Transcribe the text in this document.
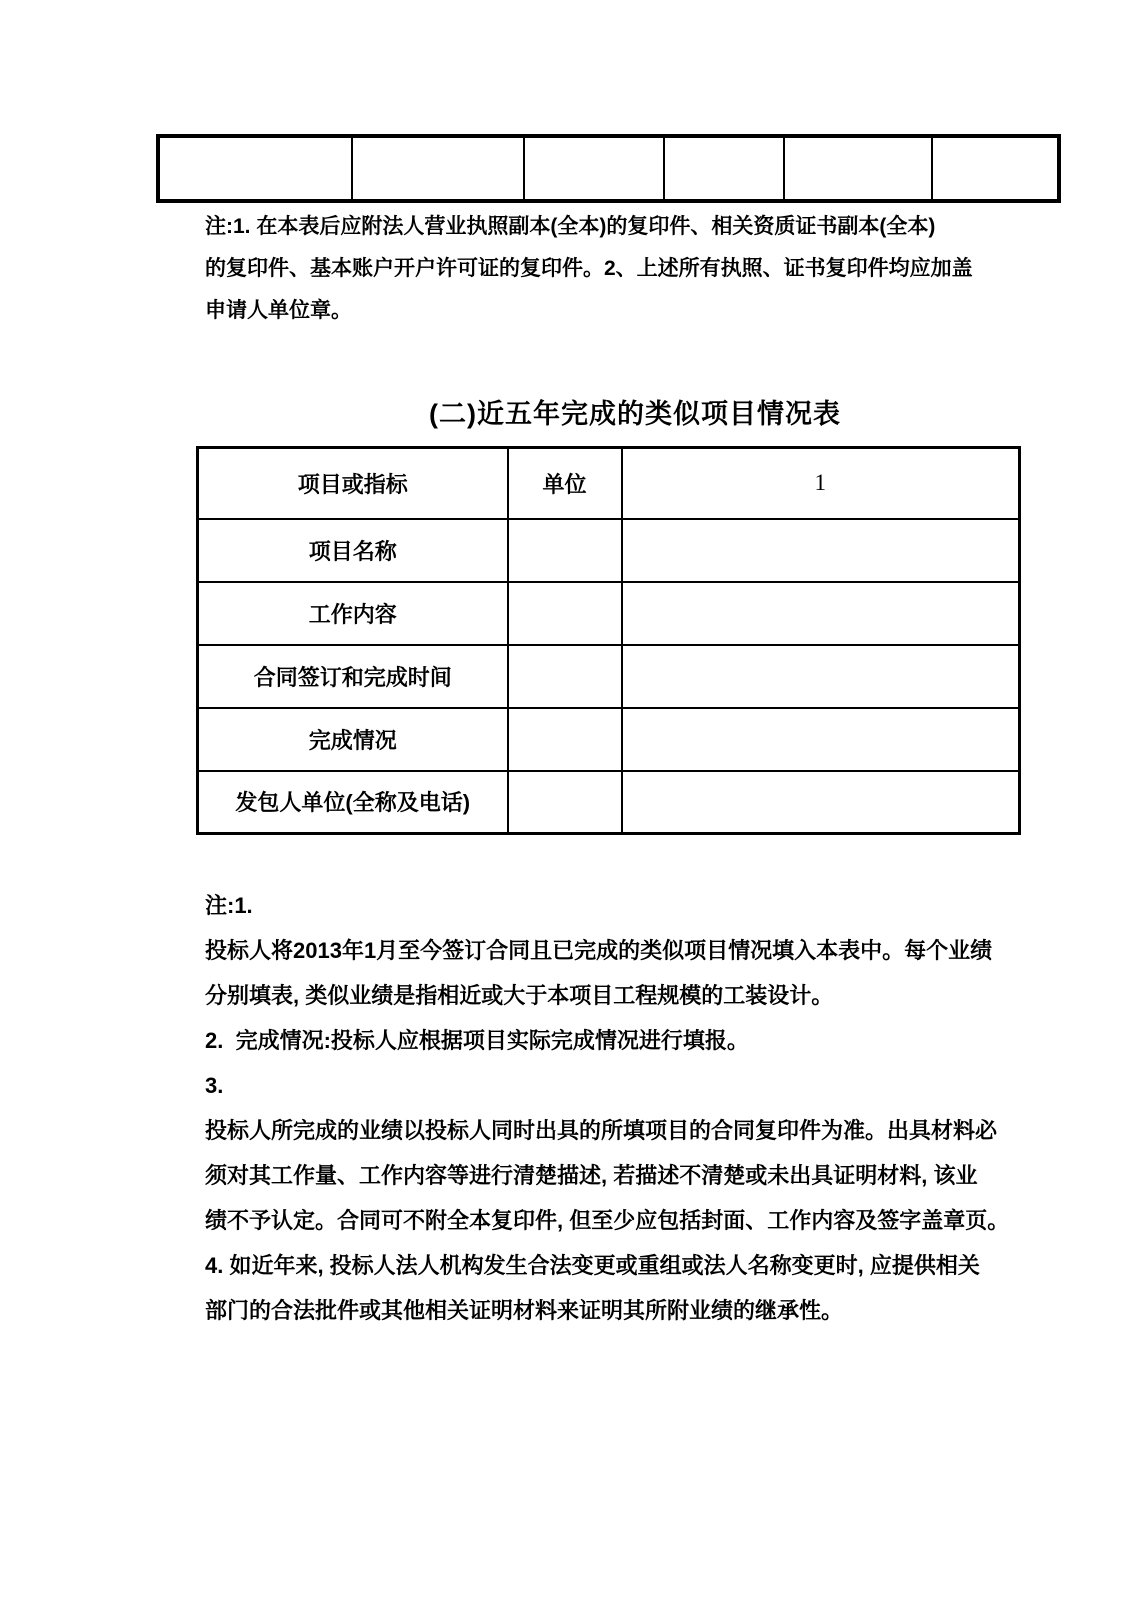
注:1. 在本表后应附法人营业执照副本(全本)的复印件、相关资质证书副本(全本)
的复印件、基本账户开户许可证的复印件。2、上述所有执照、证书复印件均应加盖
申请人单位章。
(二)近五年完成的类似项目情况表
项目或指标	单位	1
项目名称		
工作内容		
合同签订和完成时间		
完成情况		
发包人单位(全称及电话)		
注:1.
投标人将2013年1月至今签订合同且已完成的类似项目情况填入本表中。每个业绩
分别填表, 类似业绩是指相近或大于本项目工程规模的工装设计。
2.  完成情况:投标人应根据项目实际完成情况进行填报。
3.
投标人所完成的业绩以投标人同时出具的所填项目的合同复印件为准。出具材料必
须对其工作量、工作内容等进行清楚描述, 若描述不清楚或未出具证明材料, 该业
绩不予认定。合同可不附全本复印件, 但至少应包括封面、工作内容及签字盖章页。
4. 如近年来, 投标人法人机构发生合法变更或重组或法人名称变更时, 应提供相关
部门的合法批件或其他相关证明材料来证明其所附业绩的继承性。
